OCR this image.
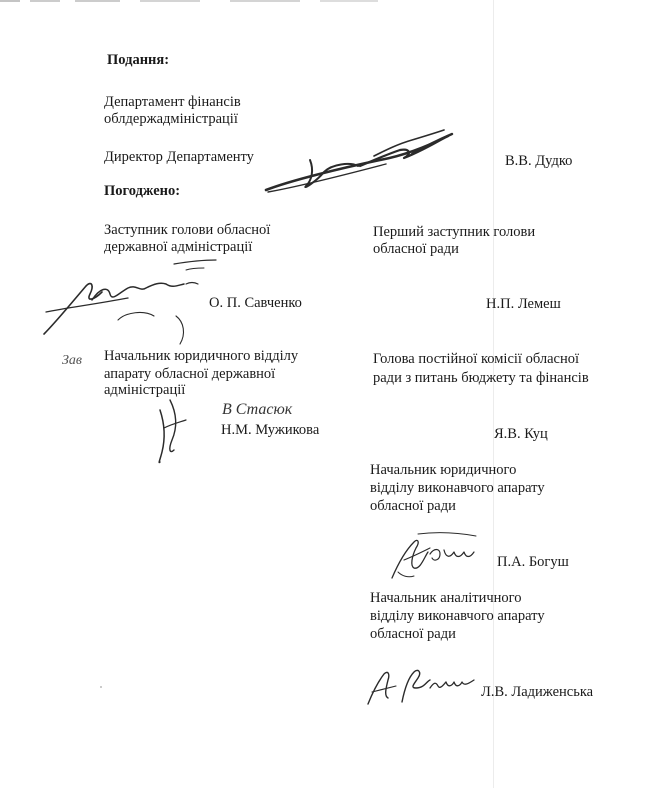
Подання:
Департамент фінансів
облдержадміністрації
Директор Департаменту	В.В. Дудко
Погоджено:
Заступник голови обласної
державної адміністрації
О. П. Савченко
Зав Начальник юридичного відділу
апарату обласної державної
адміністрації
В Стасюк
Н.М. Мужикова
Перший заступник голови
обласної ради
Н.П. Лемеш
Голова постійної комісії обласної
ради з питань бюджету та фінансів
Я.В. Куц
Начальник юридичного
відділу виконавчого апарату
обласної ради
П.А. Богуш
Начальник аналітичного
відділу виконавчого апарату
обласної ради
Л.В. Ладиженська
